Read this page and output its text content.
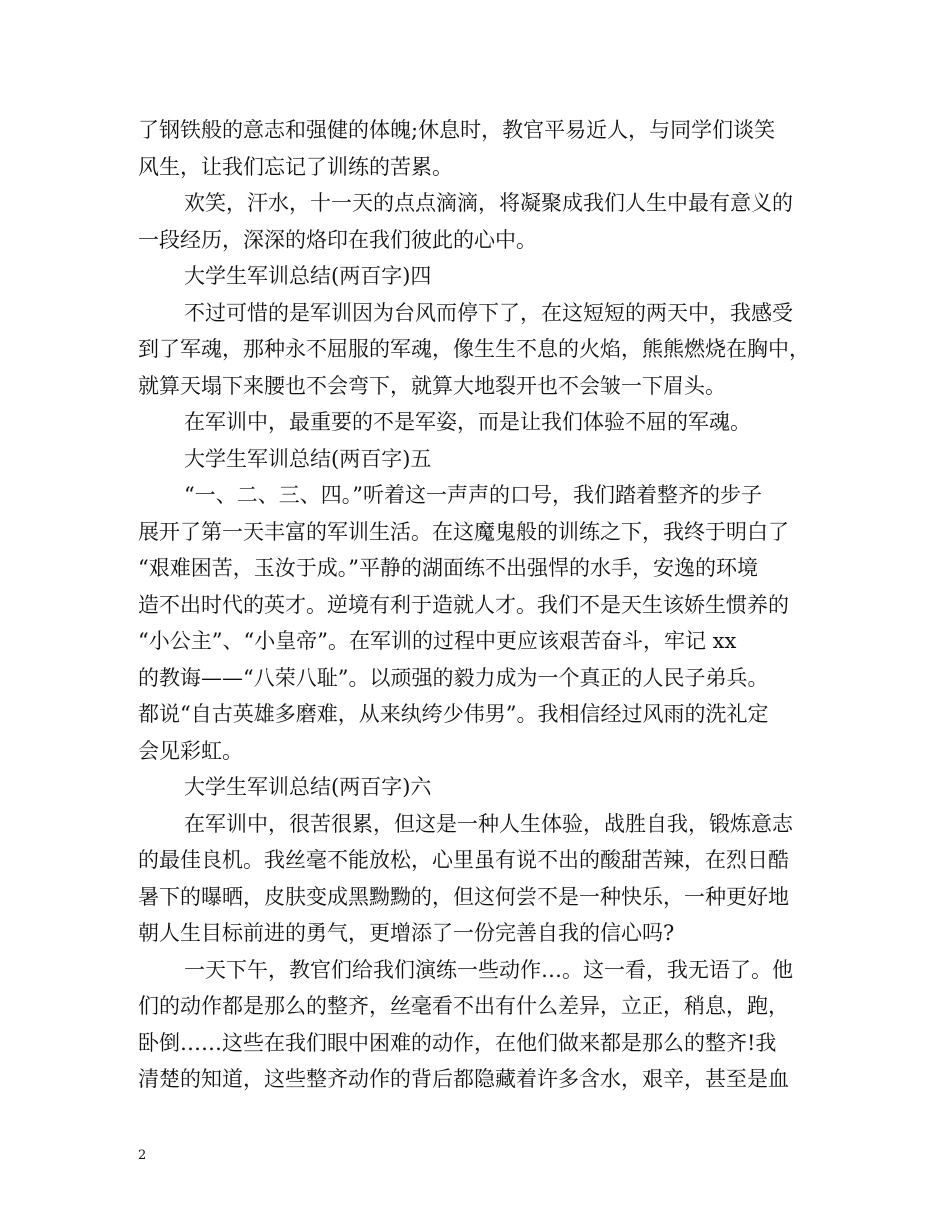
了钢铁般的意志和强健的体魄;休息时，教官平易近人，与同学们谈笑
风生，让我们忘记了训练的苦累。
欢笑，汗水，十一天的点点滴滴，将凝聚成我们人生中最有意义的
一段经历，深深的烙印在我们彼此的心中。
大学生军训总结(两百字)四
不过可惜的是军训因为台风而停下了，在这短短的两天中，我感受
到了军魂，那种永不屈服的军魂，像生生不息的火焰，熊熊燃烧在胸中，
就算天塌下来腰也不会弯下，就算大地裂开也不会皱一下眉头。
在军训中，最重要的不是军姿，而是让我们体验不屈的军魂。
大学生军训总结(两百字)五
“一、二、三、四。”听着这一声声的口号，我们踏着整齐的步子
展开了第一天丰富的军训生活。在这魔鬼般的训练之下，我终于明白了
“艰难困苦，玉汝于成。”平静的湖面练不出强悍的水手，安逸的环境
造不出时代的英才。逆境有利于造就人才。我们不是天生该娇生惯养的
“小公主”、“小皇帝”。在军训的过程中更应该艰苦奋斗，牢记 xx
的教诲——“八荣八耻”。以顽强的毅力成为一个真正的人民子弟兵。
都说“自古英雄多磨难，从来纨绔少伟男”。我相信经过风雨的洗礼定
会见彩虹。
大学生军训总结(两百字)六
在军训中，很苦很累，但这是一种人生体验，战胜自我，锻炼意志
的最佳良机。我丝毫不能放松，心里虽有说不出的酸甜苦辣，在烈日酷
暑下的曝晒，皮肤变成黑黝黝的，但这何尝不是一种快乐，一种更好地
朝人生目标前进的勇气，更增添了一份完善自我的信心吗?
一天下午，教官们给我们演练一些动作…。这一看，我无语了。他
们的动作都是那么的整齐，丝毫看不出有什么差异，立正，稍息，跑，
卧倒……这些在我们眼中困难的动作，在他们做来都是那么的整齐!我
清楚的知道，这些整齐动作的背后都隐藏着许多含水，艰辛，甚至是血
2
